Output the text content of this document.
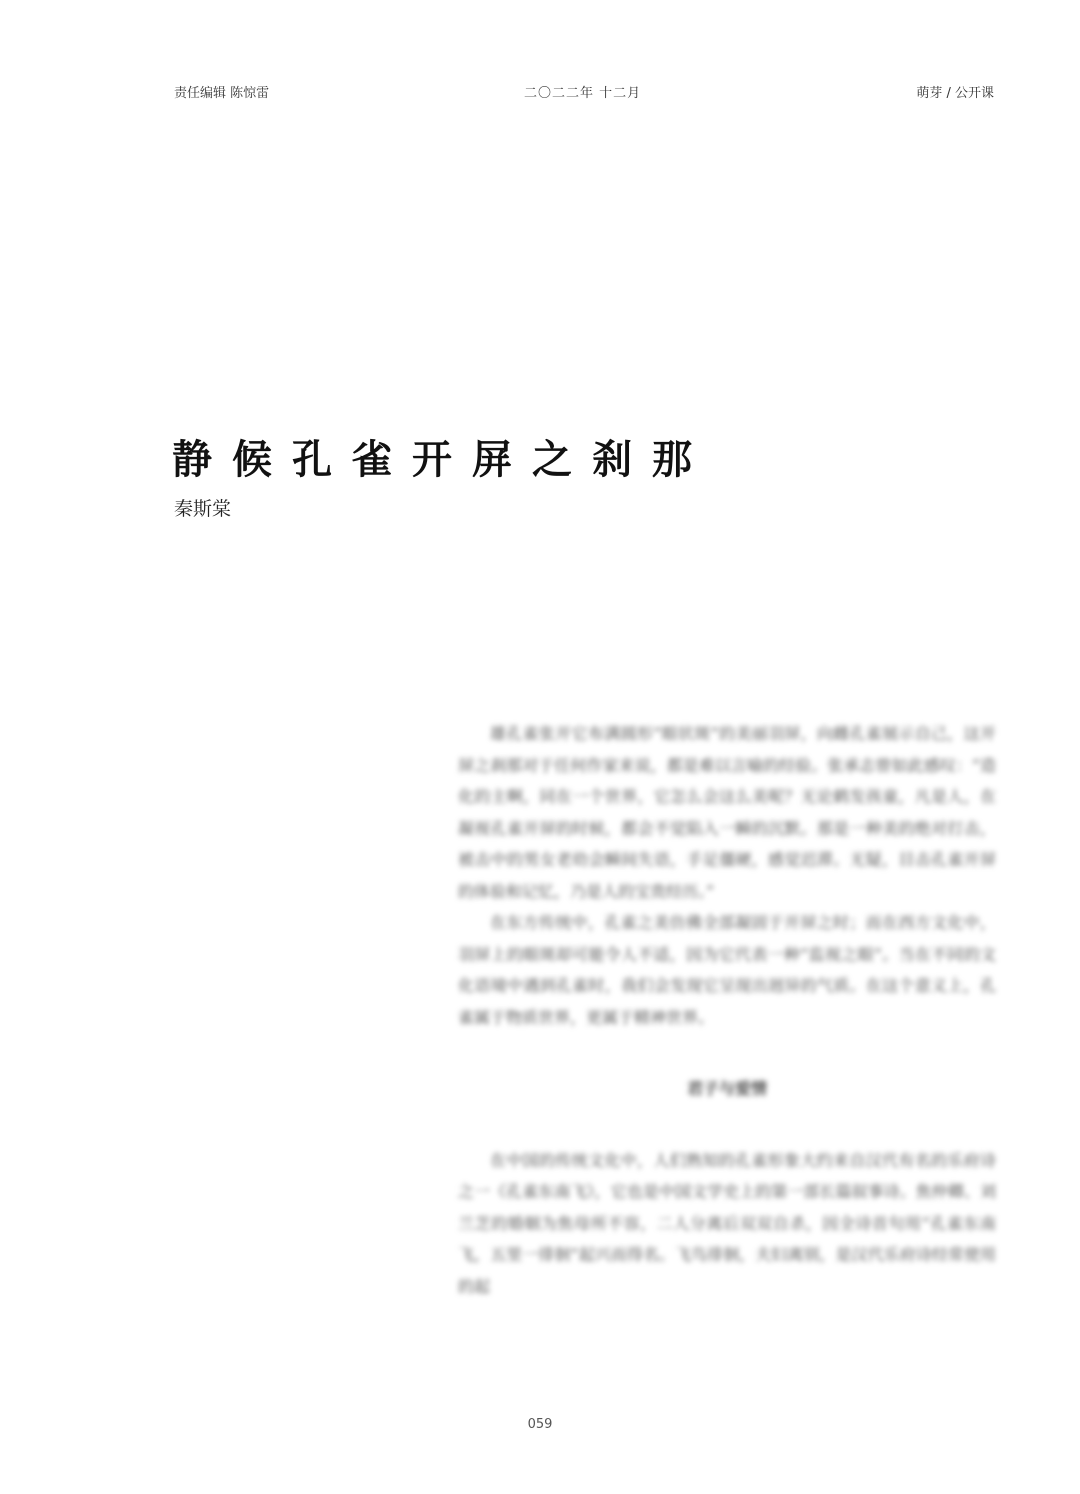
责任编辑 陈惊雷	二〇二二年 十二月	萌芽 / 公开课
静候孔雀开屏之刹那
秦斯棠

雄孔雀张开它布满圆形“眼状斑”的美丽羽屏，向雌孔雀展示自己，这开屏之刹那对于任何作家来说，都是难以言喻的经验。张承志曾如此感叹：“造化的主啊，同在一个世界，它怎么会这么美呢？无论鹤发孩童，凡是人，在凝视孔雀开屏的时候，都会不觉陷入一瞬的沉默。那是一种美的绝对打击，被击中的男女老幼会瞬间失语，手足僵硬，感觉迟滞。无疑，目击孔雀开屏的体验和记忆，乃是人的宝贵经历。”

在东方传统中，孔雀之美仿佛全部凝固于开屏之时；而在西方文化中，羽屏上的眼斑却可能令人不适，因为它代表一种“监视之眼”。当在不同的文化语境中遇到孔雀时，我们会发现它呈现出迥异的气质。在这个意义上，孔雀属于物质世界，更属于精神世界。

君子与爱情

在中国的传统文化中，人们熟知的孔雀形象大约来自汉代有名的乐府诗之一《孔雀东南飞》，它也是中国文学史上的第一部长篇叙事诗。焦仲卿、刘兰芝的婚姻为焦母所不容，二人分离后双双自杀，因全诗首句用“孔雀东南飞，五里一徘徊”起兴而得名。飞鸟徘徊，夫妇离别，是汉代乐府诗经常使用的起

059
